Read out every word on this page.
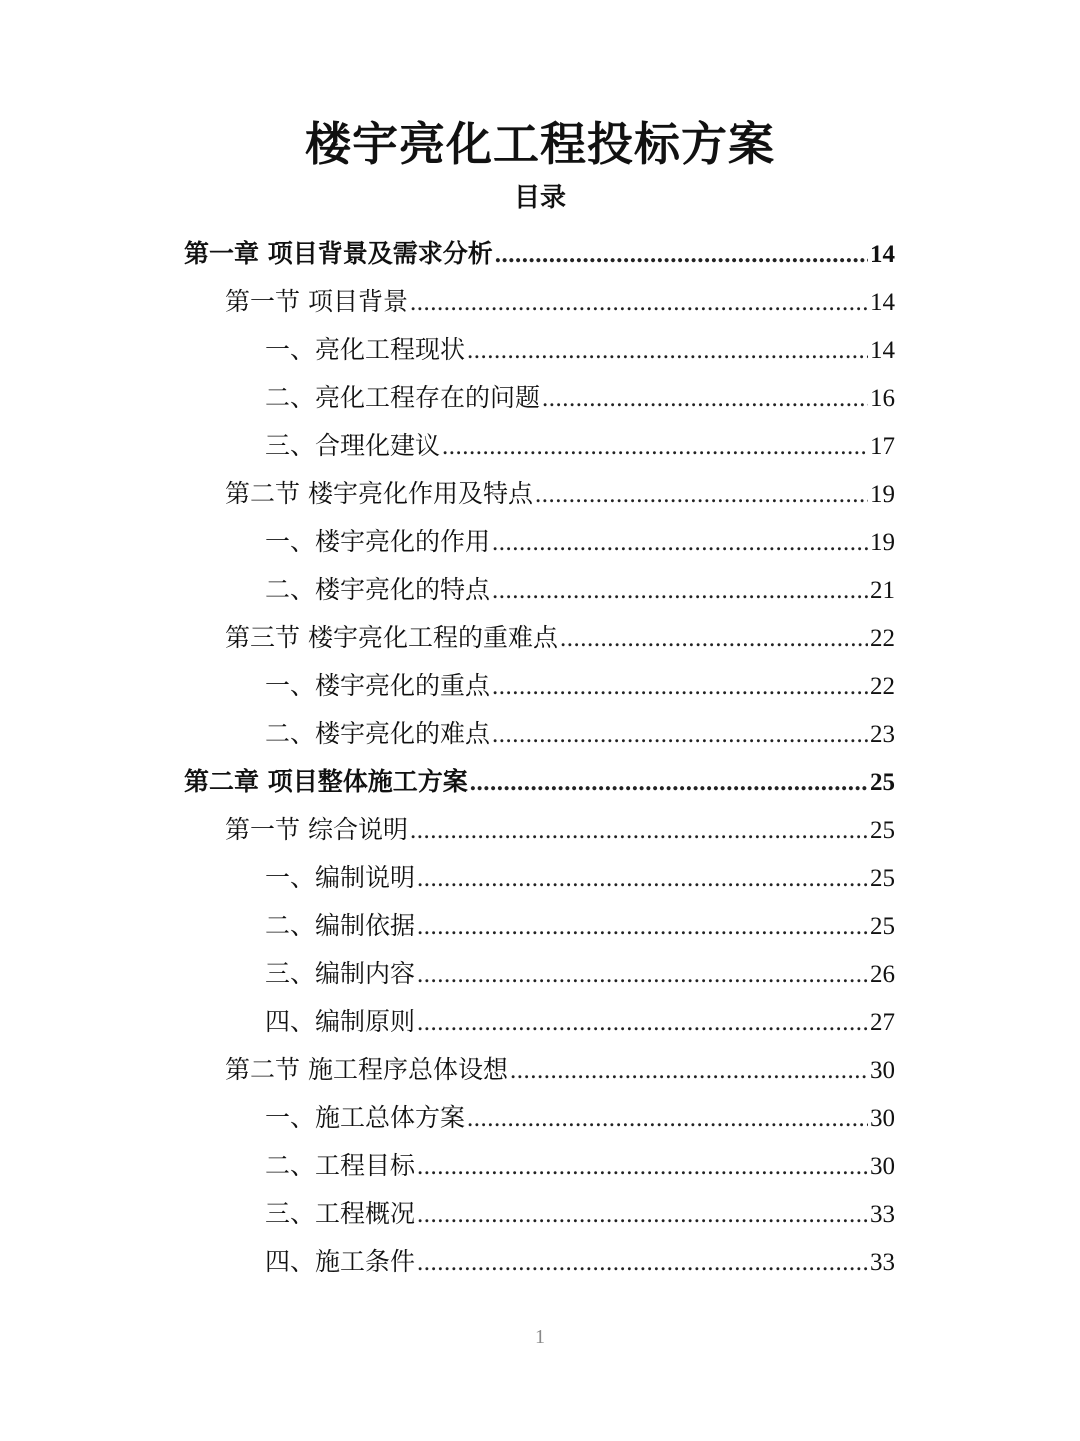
楼宇亮化工程投标方案
目录
第一章 项目背景及需求分析 .....	14
第一节 项目背景 .....	14
一、亮化工程现状 .....	14
二、亮化工程存在的问题 .....	16
三、合理化建议 .....	17
第二节 楼宇亮化作用及特点 .....	19
一、楼宇亮化的作用 .....	19
二、楼宇亮化的特点 .....	21
第三节 楼宇亮化工程的重难点 .....	22
一、楼宇亮化的重点 .....	22
二、楼宇亮化的难点 .....	23
第二章 项目整体施工方案 .....	25
第一节 综合说明 .....	25
一、编制说明 .....	25
二、编制依据 .....	25
三、编制内容 .....	26
四、编制原则 .....	27
第二节 施工程序总体设想 .....	30
一、施工总体方案 .....	30
二、工程目标 .....	30
三、工程概况 .....	33
四、施工条件 .....	33
1
